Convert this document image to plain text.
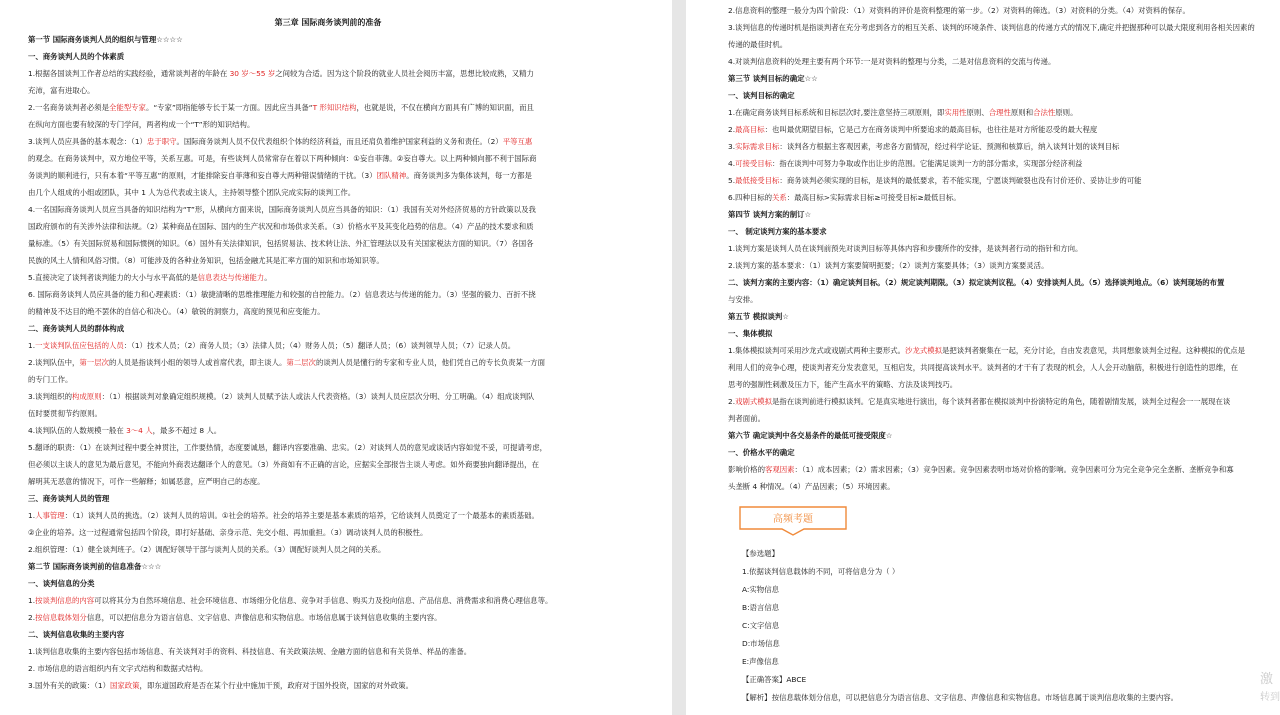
第三章 国际商务谈判前的准备
第一节 国际商务谈判人员的组织与管理☆☆☆☆
一、商务谈判人员的个体素质
1.根据各国谈判工作者总结的实践经验，通常谈判者的年龄在 30 岁～55 岁之间较为合适。因为这个阶段的就业人员社会阅历丰富，思想比较成熟，又精力
充沛，富有进取心。
2.一名商务谈判者必须是全能型专家。“专家”即指能够专长于某一方面。因此应当具备“T 形知识结构，也就是说，不仅在横向方面具有广博的知识面，而且
在纵向方面也要有较深的专门学问，两者构成一个“T”形的知识结构。
3.谈判人员应具备的基本观念：（1）忠于职守。国际商务谈判人员不仅代表组织个体的经济利益，而且还肩负着维护国家利益的义务和责任。（2）平等互惠
的观念。在商务谈判中，双方地位平等，关系互惠。可是，有些谈判人员常常存在着以下两种倾向：①妄自菲薄。②妄自尊大。以上两种倾向都不利于国际商
务谈判的顺利进行，只有本着“平等互惠”的原则，才能排除妄自菲薄和妄自尊大两种错误情绪的干扰。（3）团队精神。商务谈判多为集体谈判，每一方都是
由几个人组成的小组或团队，其中 1 人为总代表或主谈人，主持领导整个团队完成实际的谈判工作。
4.一名国际商务谈判人员应当具备的知识结构为“T”形，从横向方面来说，国际商务谈判人员应当具备的知识：（1）我国有关对外经济贸易的方针政策以及我
国政府颁布的有关涉外法律和法规。（2）某种商品在国际、国内的生产状况和市场供求关系。（3）价格水平及其变化趋势的信息。（4）产品的技术要求和质
量标准。（5）有关国际贸易和国际惯例的知识。（6）国外有关法律知识，包括贸易法、技术转让法、外汇管理法以及有关国家税法方面的知识。（7）各国各
民族的风土人情和风俗习惯。（8）可能涉及的各种业务知识，包括金融尤其是汇率方面的知识和市场知识等。
5.直接决定了谈判者谈判能力的大小与水平高低的是信息表达与传递能力。
6. 国际商务谈判人员应具备的能力和心理素质：（1）敏捷清晰的思维推理能力和较强的自控能力。（2）信息表达与传递的能力。（3）坚强的毅力、百折不挠
的精神及不达目的绝不罢休的自信心和决心。（4）敏锐的洞察力，高度的预见和应变能力。
二、商务谈判人员的群体构成
1.一支谈判队伍应包括的人员：（1）技术人员；（2）商务人员；（3）法律人员；（4）财务人员；（5）翻译人员；（6）谈判领导人员；（7）记录人员。
2.谈判队伍中，第一层次的人员是指谈判小组的领导人或首席代表，即主谈人。第二层次的谈判人员是懂行的专家和专业人员，他们凭自己的专长负责某一方面
的专门工作。
3.谈判组织的构成原则：（1）根据谈判对象确定组织规模。（2）谈判人员赋予法人或法人代表资格。（3）谈判人员应层次分明、分工明确。（4）组成谈判队
伍时要贯彻节约原则。
4.谈判队伍的人数规模一般在 3～4 人，最多不超过 8 人。
5.翻译的职责：（1）在谈判过程中要全神贯注，工作要热情，态度要诚恳，翻译内容要准确、忠实。（2）对谈判人员的意见或谈话内容如觉不妥，可提请考虑，
但必须以主谈人的意见为最后意见，不能向外商表达翻译个人的意见。（3）外商如有不正确的言论，应据实全部报告主谈人考虑。如外商要独向翻译提出，在
解明其无恶意的情况下，可作一些解释；如属恶意，应严明自己的态度。
三、商务谈判人员的管理
1.人事管理：（1）谈判人员的挑选。（2）谈判人员的培训。①社会的培养。社会的培养主要是基本素质的培养，它给谈判人员奠定了一个最基本的素质基础。
②企业的培养。这一过程通常包括四个阶段，即打好基础、亲身示范、先交小组、再加重担。（3）调动谈判人员的积极性。
2.组织管理：（1）健全谈判班子。（2）调配好领导干部与谈判人员的关系。（3）调配好谈判人员之间的关系。
第二节 国际商务谈判前的信息准备☆☆☆
一、谈判信息的分类
1.按谈判信息的内容可以将其分为自然环境信息、社会环境信息、市场细分化信息、竞争对手信息、购买力及投向信息、产品信息、消费需求和消费心理信息等。
2.按信息载体划分信息，可以把信息分为语言信息、文字信息、声像信息和实物信息。市场信息属于谈判信息收集的主要内容。
二、谈判信息收集的主要内容
1.谈判信息收集的主要内容包括市场信息、有关谈判对手的资料、科技信息、有关政策法规、金融方面的信息和有关货单、样品的准备。
2. 市场信息的语言组织内有文字式结构和数据式结构。
3.国外有关的政策：（1）国家政策，即东道国政府是否在某个行业中施加干预，政府对于国外投资，国家的对外政策。
2.信息资料的整理一般分为四个阶段：（1）对资料的评价是资料整理的第一步。（2）对资料的筛选。（3）对资料的分类。（4）对资料的保存。
3.谈判信息的传递时机是指谈判者在充分考虑到各方的相互关系、谈判的环境条件、谈判信息的传递方式的情况下,确定并把握那种可以最大限度利用各相关因素的
传递的最佳时机。
4.对谈判信息资料的处理主要有两个环节:一是对资料的整理与分类，二是对信息资料的交流与传递。
第三节 谈判目标的确定☆☆
一、谈判目标的确定
1.在确定商务谈判目标系统和目标层次时,要注意坚持三项原则，即实用性原则、合理性原则和合法性原则。
2.最高目标：也叫最优期望目标，它是己方在商务谈判中所要追求的最高目标，也往往是对方所能忍受的最大程度
3.实际需求目标：谈判各方根据主客观因素，考虑各方面情况，经过科学论证、预测和核算后，纳入谈判计划的谈判目标
4.可接受目标：指在谈判中可努力争取或作出让步的范围。它能满足谈判一方的部分需求，实现部分经济利益
5.最低接受目标：商务谈判必须实现的目标，是谈判的最低要求，若不能实现，宁愿谈判破裂也没有讨价还价、妥协让步的可能
6.四种目标的关系：最高目标>实际需求目标≥可接受目标≥最低目标。
第四节 谈判方案的制订☆
一、 制定谈判方案的基本要求
1.谈判方案是谈判人员在谈判前预先对谈判目标等具体内容和步骤所作的安排，是谈判者行动的指针和方向。
2.谈判方案的基本要求：（1）谈判方案要简明扼要；（2）谈判方案要具体；（3）谈判方案要灵活。
二、谈判方案的主要内容：（1）确定谈判目标。（2）规定谈判期限。（3）拟定谈判议程。（4）安排谈判人员。（5）选择谈判地点。（6）谈判现场的布置
与安排。
第五节 模拟谈判☆
一、集体模拟
1.集体模拟谈判可采用沙龙式或戏剧式两种主要形式。沙龙式模拟是把谈判者聚集在一起，充分讨论，自由发表意见，共同想象谈判全过程。这种模拟的优点是
利用人们的竞争心理，使谈判者充分发表意见，互相启发，共同提高谈判水平。谈判者的才干有了表现的机会，人人会开动脑筋，积极进行创造性的思维，在
思考的强制性刺激及压力下，能产生高水平的策略、方法及谈判技巧。
2.戏剧式模拟是指在谈判前进行模拟谈判。它是真实地进行演出，每个谈判者都在模拟谈判中扮演特定的角色，随着剧情发展，谈判全过程会一一展现在谈
判者面前。
第六节 确定谈判中各交易条件的最低可接受限度☆
一、价格水平的确定
影响价格的客观因素：（1）成本因素；（2）需求因素；（3）竞争因素。竞争因素表明市场对价格的影响。竞争因素可分为完全竞争完全垄断、垄断竞争和寡
头垄断 4 种情况。（4）产品因素；（5）环境因素。
高频考题
【参选题】
1.依据谈判信息载体的不同，可将信息分为（ ）
A:实物信息
B:语言信息
C:文字信息
D:市场信息
E:声像信息
【正确答案】ABCE
【解析】按信息载体划分信息，可以把信息分为语言信息、文字信息、声像信息和实物信息。市场信息属于谈判信息收集的主要内容。
激
转到
